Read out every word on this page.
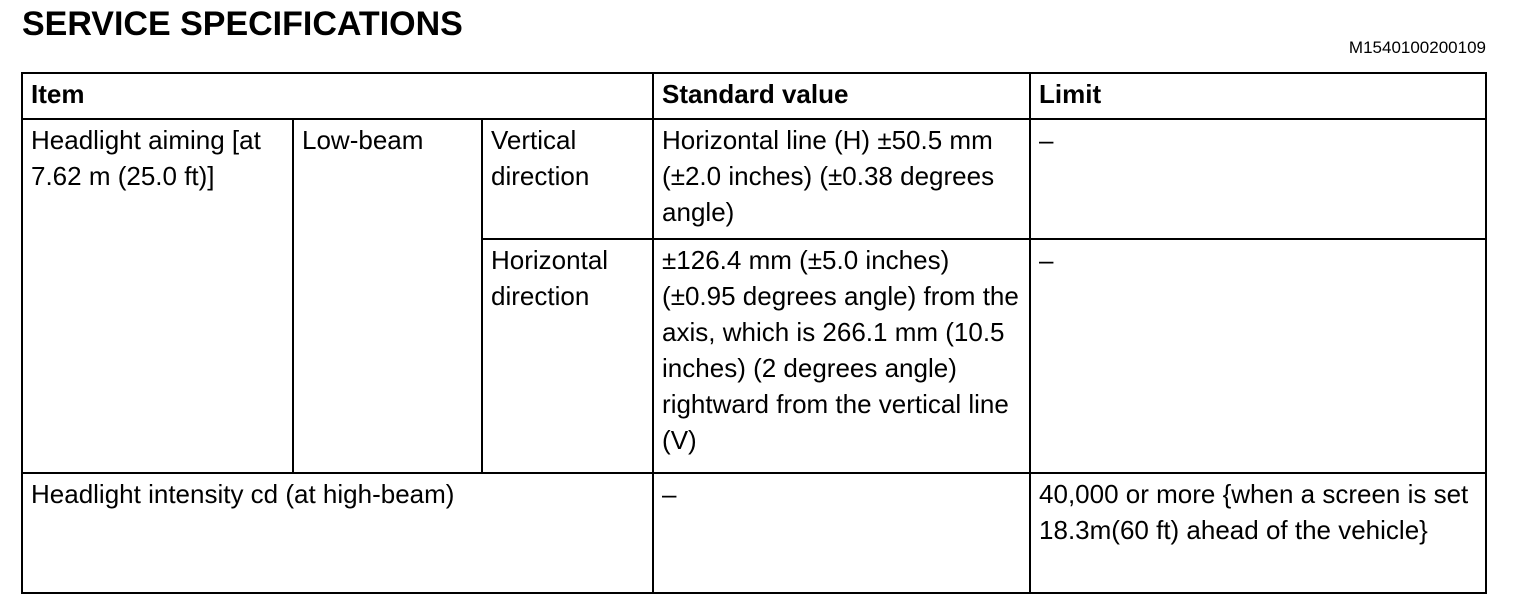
SERVICE SPECIFICATIONS
M1540100200109
Item			Standard value	Limit
Headlight aiming [at 7.62 m (25.0 ft)]	Low-beam	Vertical direction	Horizontal line (H) ±50.5 mm (±2.0 inches) (±0.38 degrees angle)	–
		Horizontal direction	±126.4 mm (±5.0 inches) (±0.95 degrees angle) from the axis, which is 266.1 mm (10.5 inches) (2 degrees angle) rightward from the vertical line (V)	–
Headlight intensity cd (at high-beam)			–	40,000 or more {when a screen is set 18.3m(60 ft) ahead of the vehicle}
